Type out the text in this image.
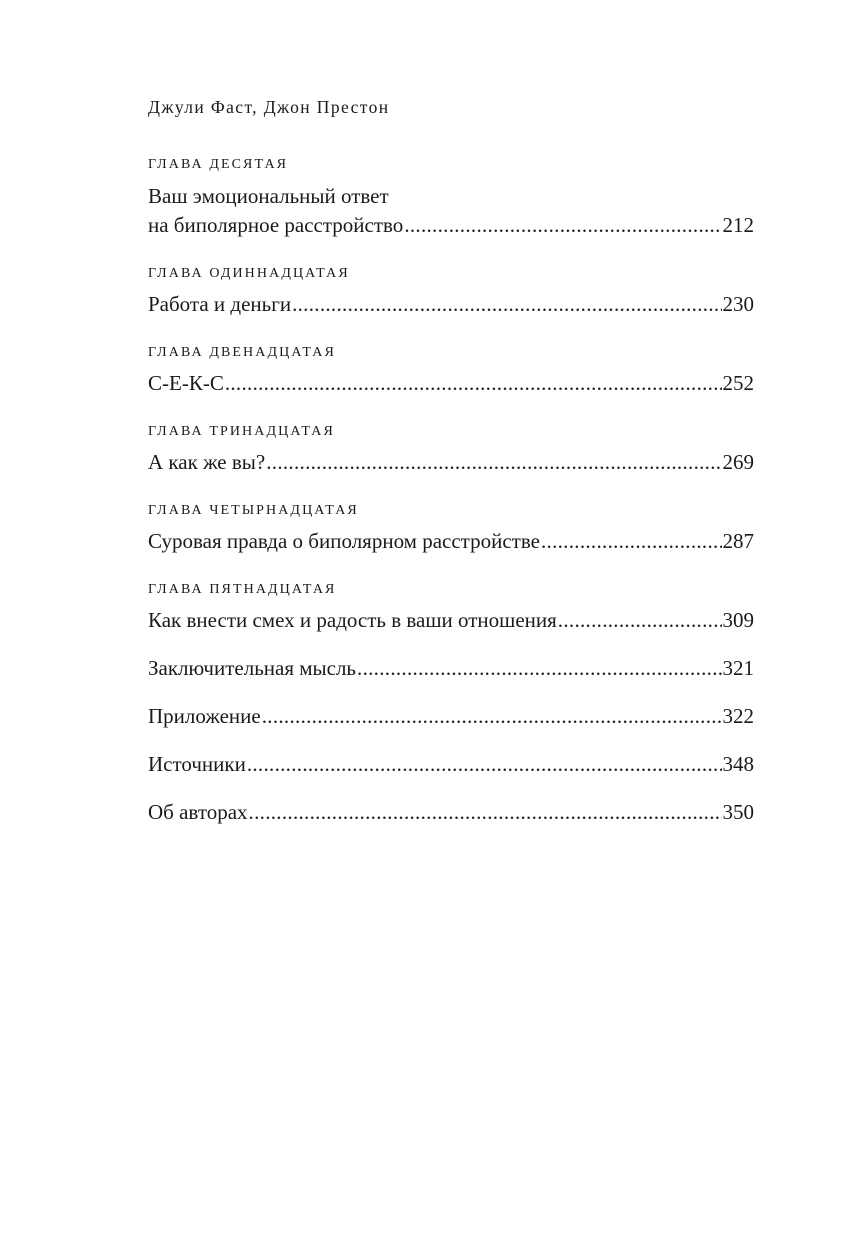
Джули Фаст, Джон Престон
ГЛАВА ДЕСЯТАЯ
Ваш эмоциональный ответ
на биполярное расстройство .....	212
ГЛАВА ОДИННАДЦАТАЯ
Работа и деньги .....	230
ГЛАВА ДВЕНАДЦАТАЯ
С-Е-К-С .....	252
ГЛАВА ТРИНАДЦАТАЯ
А как же вы? .....	269
ГЛАВА ЧЕТЫРНАДЦАТАЯ
Суровая правда о биполярном расстройстве .....	287
ГЛАВА ПЯТНАДЦАТАЯ
Как внести смех и радость в ваши отношения .....	309
Заключительная мысль .....	321
Приложение .....	322
Источники .....	348
Об авторах .....	350
